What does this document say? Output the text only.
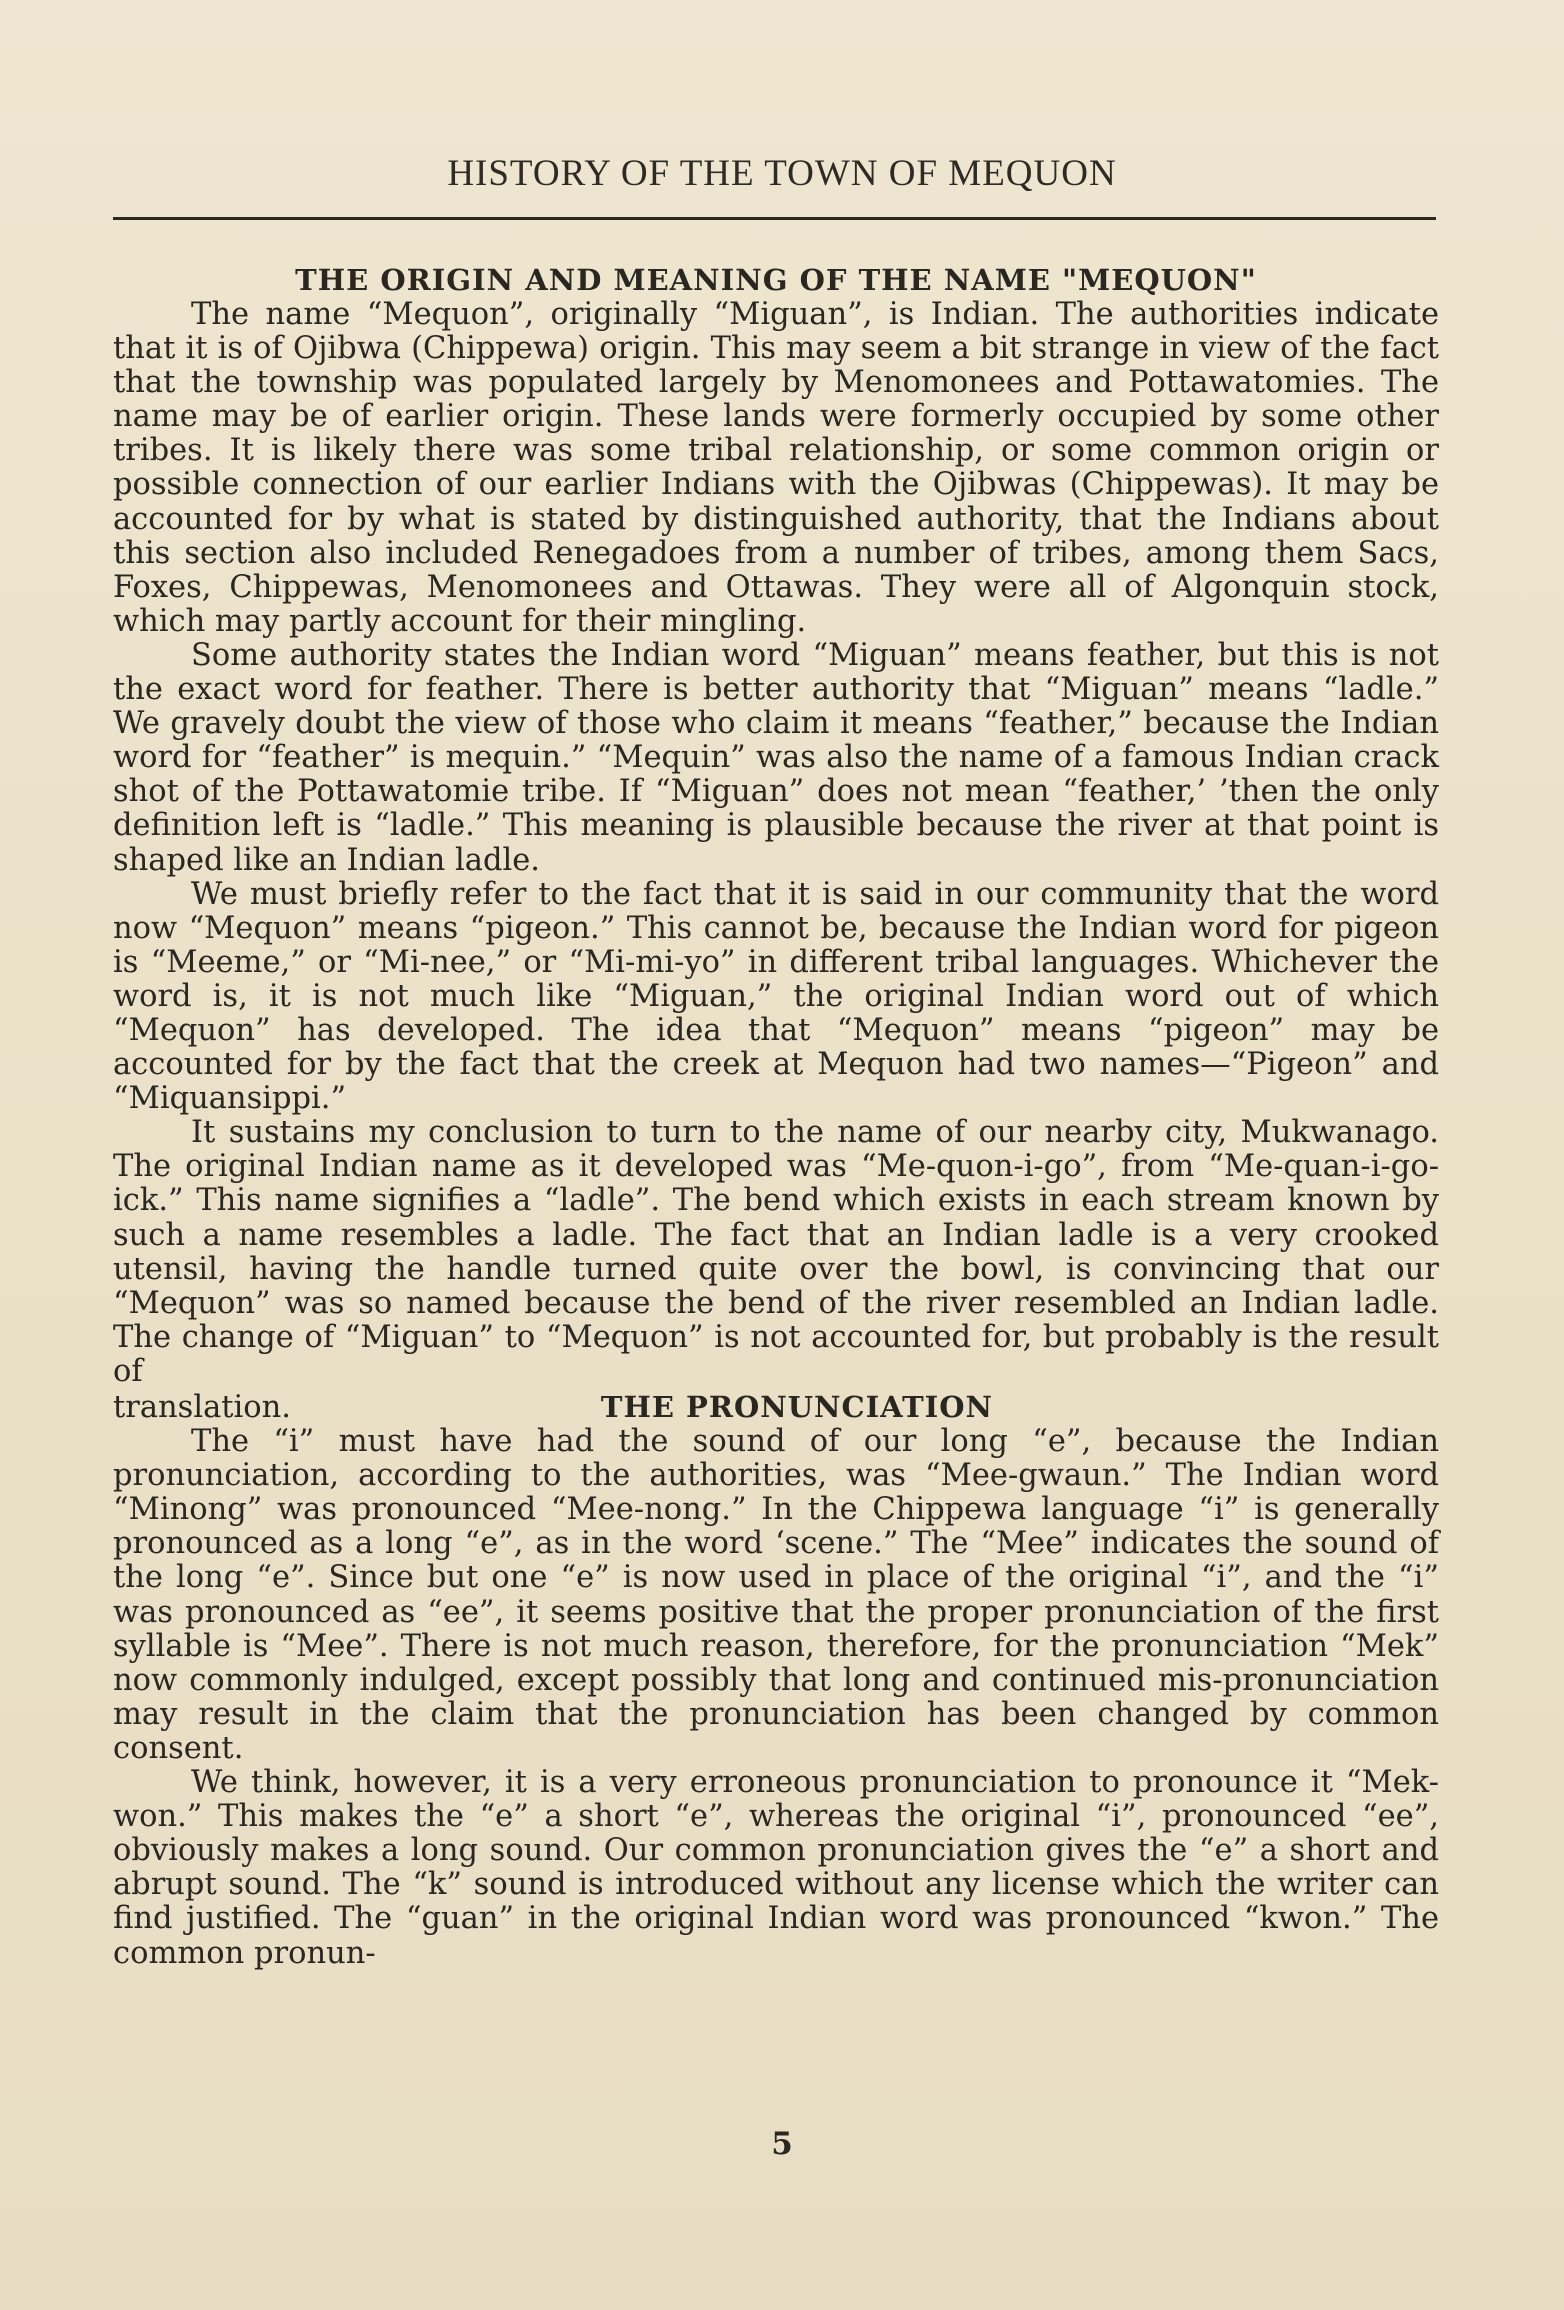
HISTORY OF THE TOWN OF MEQUON
THE ORIGIN AND MEANING OF THE NAME "MEQUON"

The name “Mequon”, originally “Miguan”, is Indian. The authorities indicate that it is of Ojibwa (Chippewa) origin. This may seem a bit strange in view of the fact that the township was populated largely by Menomonees and Pottawatomies. The name may be of earlier origin. These lands were formerly occupied by some other tribes. It is likely there was some tribal relationship, or some common origin or possible connection of our earlier Indians with the Ojibwas (Chippewas). It may be accounted for by what is stated by distinguished authority, that the Indians about this section also included Renegadoes from a number of tribes, among them Sacs, Foxes, Chippewas, Menomonees and Ottawas. They were all of Algonquin stock, which may partly account for their mingling.

Some authority states the Indian word “Miguan” means feather, but this is not the exact word for feather. There is better authority that “Miguan” means “ladle.” We gravely doubt the view of those who claim it means “feather,” because the Indian word for “feather” is mequin.” “Mequin” was also the name of a famous Indian crack shot of the Pottawatomie tribe. If “Miguan” does not mean “feather,’ ’then the only definition left is “ladle.” This meaning is plausible because the river at that point is shaped like an Indian ladle.

We must briefly refer to the fact that it is said in our community that the word now “Mequon” means “pigeon.” This cannot be, because the Indian word for pigeon is “Meeme,” or “Mi-nee,” or “Mi-mi-yo” in different tribal languages. Whichever the word is, it is not much like “Miguan,” the original Indian word out of which “Mequon” has developed. The idea that “Mequon” means “pigeon” may be accounted for by the fact that the creek at Mequon had two names—“Pigeon” and “Miquansippi.”

It sustains my conclusion to turn to the name of our nearby city, Mukwanago. The original Indian name as it developed was “Me-quon-i-go”, from “Me-quan-i-go-ick.” This name signifies a “ladle”. The bend which exists in each stream known by such a name resembles a ladle. The fact that an Indian ladle is a very crooked utensil, having the handle turned quite over the bowl, is convincing that our “Mequon” was so named because the bend of the river resembled an Indian ladle. The change of “Miguan” to “Mequon” is not accounted for, but probably is the result of

translation.	THE PRONUNCIATION

The “i” must have had the sound of our long “e”, because the Indian pronunciation, according to the authorities, was “Mee-gwaun.” The Indian word “Minong” was pronounced “Mee-nong.” In the Chippewa language “i” is generally pronounced as a long “e”, as in the word ‘scene.” The “Mee” indicates the sound of the long “e”. Since but one “e” is now used in place of the original “i”, and the “i” was pronounced as “ee”, it seems positive that the proper pronunciation of the first syllable is “Mee”. There is not much reason, therefore, for the pronunciation “Mek” now commonly indulged, except possibly that long and continued mis-pronunciation may result in the claim that the pronunciation has been changed by common consent.

We think, however, it is a very erroneous pronunciation to pronounce it “Mek-won.” This makes the “e” a short “e”, whereas the original “i”, pronounced “ee”, obviously makes a long sound. Our common pronunciation gives the “e” a short and abrupt sound. The “k” sound is introduced without any license which the writer can find justified. The “guan” in the original Indian word was pronounced “kwon.” The common pronun-

5
